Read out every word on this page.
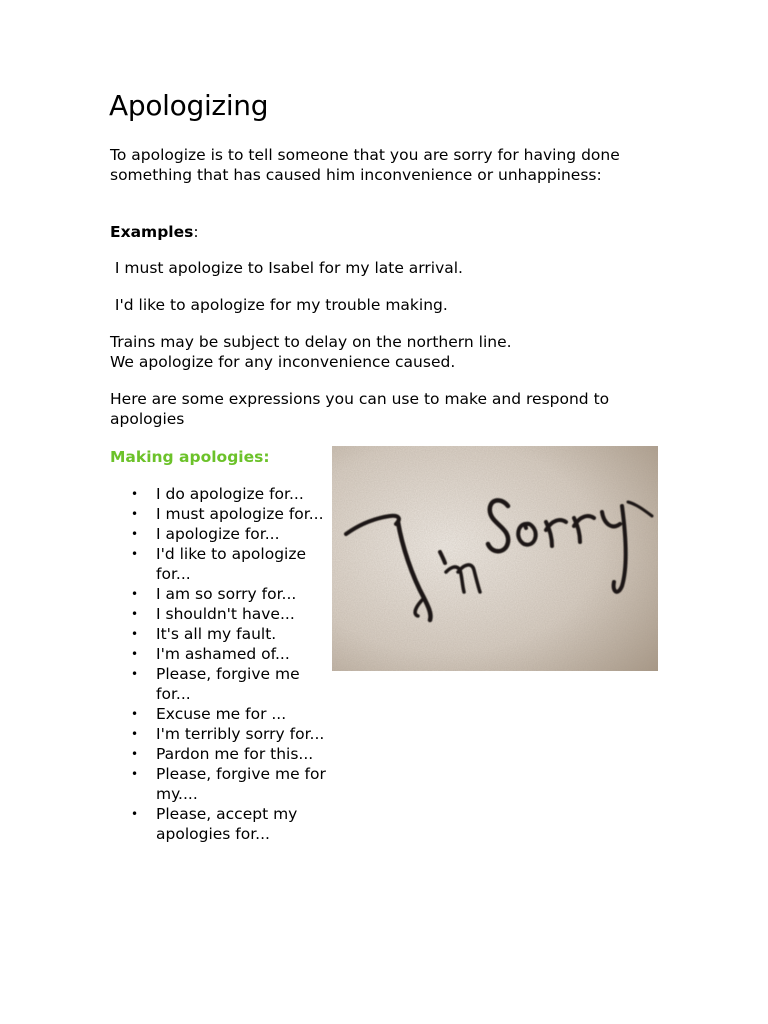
Apologizing

To apologize is to tell someone that you are sorry for having done something that has caused him inconvenience or unhappiness:

Examples:

I must apologize to Isabel for my late arrival.

I'd like to apologize for my trouble making.

Trains may be subject to delay on the northern line.
We apologize for any inconvenience caused.

Here are some expressions you can use to make and respond to apologies

Making apologies:

• I do apologize for...
• I must apologize for...
• I apologize for...
• I'd like to apologize for...
• I am so sorry for...
• I shouldn't have...
• It's all my fault.
• I'm ashamed of...
• Please, forgive me for...
• Excuse me for ...
• I'm terribly sorry for...
• Pardon me for this...
• Please, forgive me for my....
• Please, accept my apologies for...
